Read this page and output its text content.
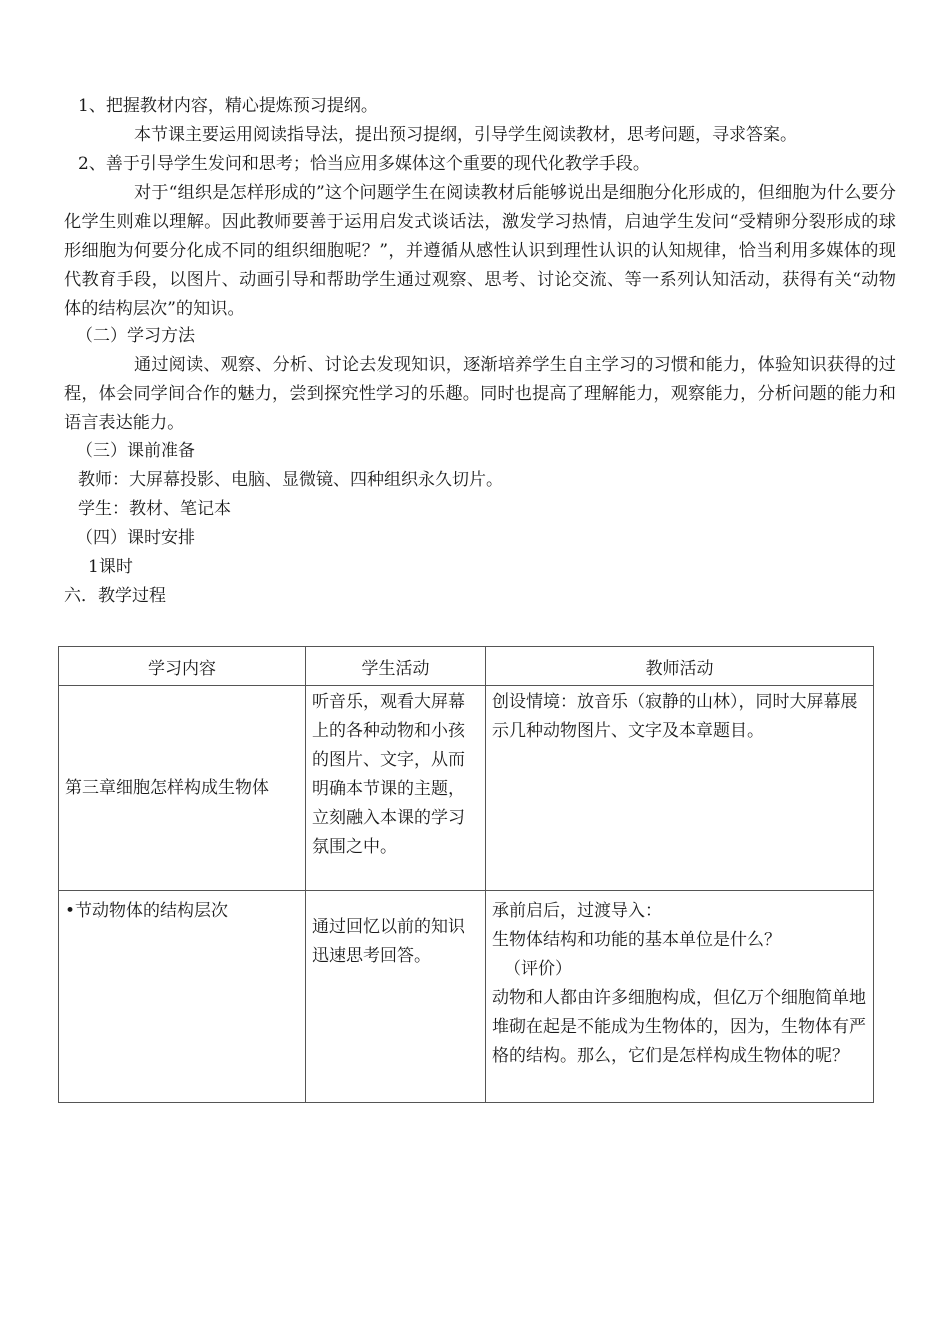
1、把握教材内容，精心提炼预习提纲。
本节课主要运用阅读指导法，提出预习提纲，引导学生阅读教材，思考问题，寻求答案。
2、善于引导学生发问和思考；恰当应用多媒体这个重要的现代化教学手段。
对于“组织是怎样形成的”这个问题学生在阅读教材后能够说出是细胞分化形成的，但细胞为什么要分化学生则难以理解。因此教师要善于运用启发式谈话法，激发学习热情，启迪学生发问“受精卵分裂形成的球形细胞为何要分化成不同的组织细胞呢？”，并遵循从感性认识到理性认识的认知规律，恰当利用多媒体的现代教育手段，以图片、动画引导和帮助学生通过观察、思考、讨论交流、等一系列认知活动，获得有关“动物体的结构层次”的知识。
（二）学习方法
通过阅读、观察、分析、讨论去发现知识，逐渐培养学生自主学习的习惯和能力，体验知识获得的过程，体会同学间合作的魅力，尝到探究性学习的乐趣。同时也提高了理解能力，观察能力，分析问题的能力和语言表达能力。
（三）课前准备
教师：大屏幕投影、电脑、显微镜、四种组织永久切片。
学生：教材、笔记本
（四）课时安排
1课时
六．教学过程
学习内容	学生活动	教师活动
第三章细胞怎样构成生物体	听音乐，观看大屏幕上的各种动物和小孩的图片、文字，从而明确本节课的主题，立刻融入本课的学习氛围之中。	创设情境：放音乐（寂静的山林），同时大屏幕展示几种动物图片、文字及本章题目。

•节动物体的结构层次	通过回忆以前的知识迅速思考回答。	承前启后，过渡导入：
生物体结构和功能的基本单位是什么？
（评价）
动物和人都由许多细胞构成，但亿万个细胞简单地堆砌在起是不能成为生物体的，因为，生物体有严格的结构。那么，它们是怎样构成生物体的呢？
